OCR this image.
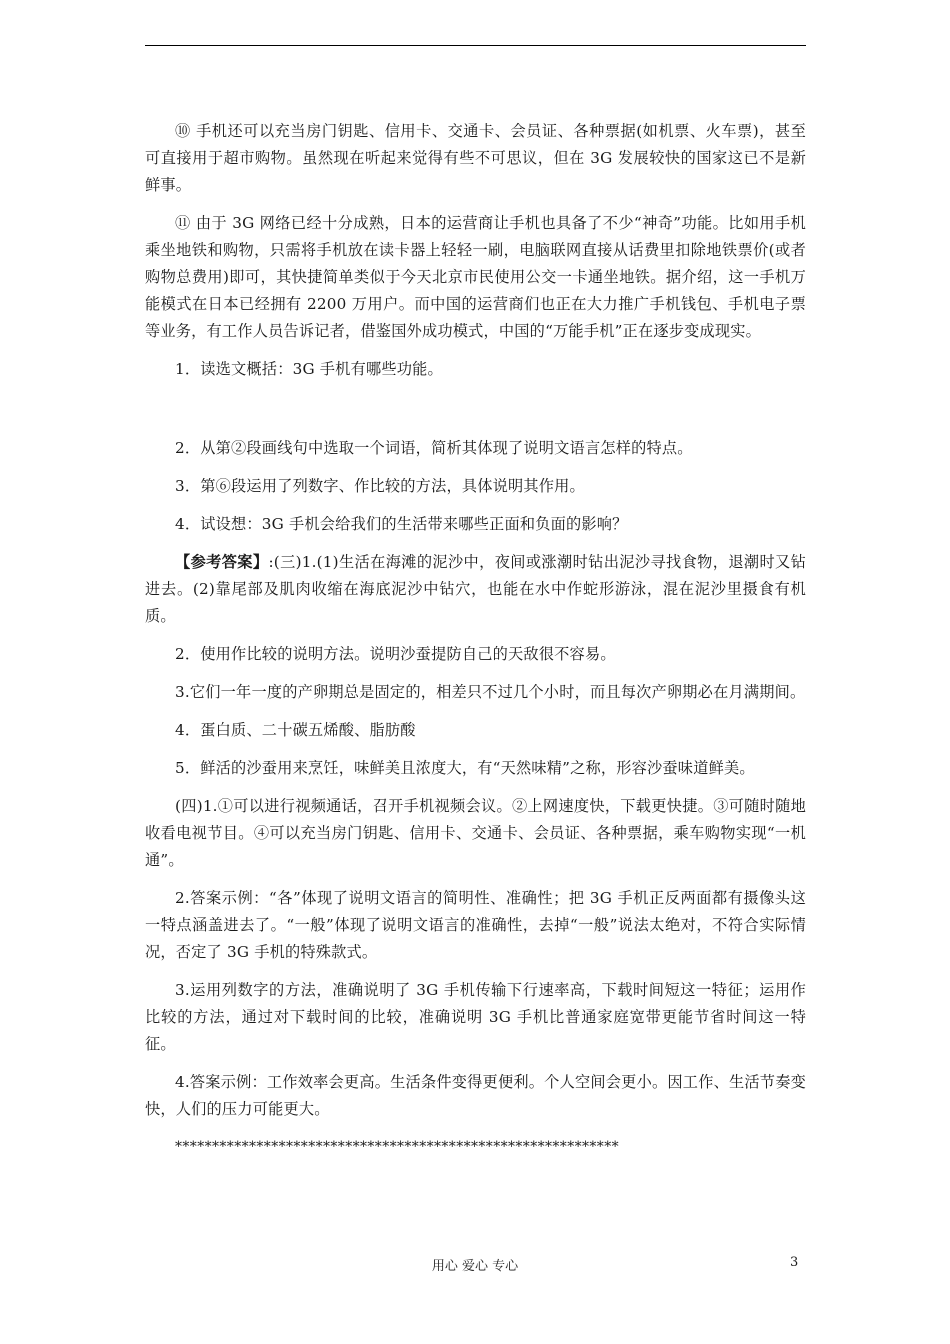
⑩ 手机还可以充当房门钥匙、信用卡、交通卡、会员证、各种票据(如机票、火车票)，甚至可直接用于超市购物。虽然现在听起来觉得有些不可思议，但在 3G 发展较快的国家这已不是新鲜事。

⑪ 由于 3G 网络已经十分成熟，日本的运营商让手机也具备了不少“神奇”功能。比如用手机乘坐地铁和购物，只需将手机放在读卡器上轻轻一刷，电脑联网直接从话费里扣除地铁票价(或者购物总费用)即可，其快捷简单类似于今天北京市民使用公交一卡通坐地铁。据介绍，这一手机万能模式在日本已经拥有 2200 万用户。而中国的运营商们也正在大力推广手机钱包、手机电子票等业务，有工作人员告诉记者，借鉴国外成功模式，中国的“万能手机”正在逐步变成现实。

1．读选文概括：3G 手机有哪些功能。

2．从第②段画线句中选取一个词语，简析其体现了说明文语言怎样的特点。

3．第⑥段运用了列数字、作比较的方法，具体说明其作用。

4．试设想：3G 手机会给我们的生活带来哪些正面和负面的影响？

【参考答案】:(三)1.(1)生活在海滩的泥沙中，夜间或涨潮时钻出泥沙寻找食物，退潮时又钻进去。(2)靠尾部及肌肉收缩在海底泥沙中钻穴，也能在水中作蛇形游泳，混在泥沙里摄食有机质。

2．使用作比较的说明方法。说明沙蚕提防自己的天敌很不容易。

3.它们一年一度的产卵期总是固定的，相差只不过几个小时，而且每次产卵期必在月满期间。

4．蛋白质、二十碳五烯酸、脂肪酸

5．鲜活的沙蚕用来烹饪，味鲜美且浓度大，有“天然味精”之称，形容沙蚕味道鲜美。

(四)1.①可以进行视频通话，召开手机视频会议。②上网速度快，下载更快捷。③可随时随地收看电视节目。④可以充当房门钥匙、信用卡、交通卡、会员证、各种票据，乘车购物实现“一机通”。

2.答案示例：“各”体现了说明文语言的简明性、准确性；把 3G 手机正反两面都有摄像头这一特点涵盖进去了。“一般”体现了说明文语言的准确性，去掉“一般”说法太绝对，不符合实际情况，否定了 3G 手机的特殊款式。

3.运用列数字的方法，准确说明了 3G 手机传输下行速率高，下载时间短这一特征；运用作比较的方法，通过对下载时间的比较，准确说明 3G 手机比普通家庭宽带更能节省时间这一特征。

4.答案示例：工作效率会更高。生活条件变得更便利。个人空间会更小。因工作、生活节奏变快，人们的压力可能更大。

************************************************************

用心 爱心 专心	3
